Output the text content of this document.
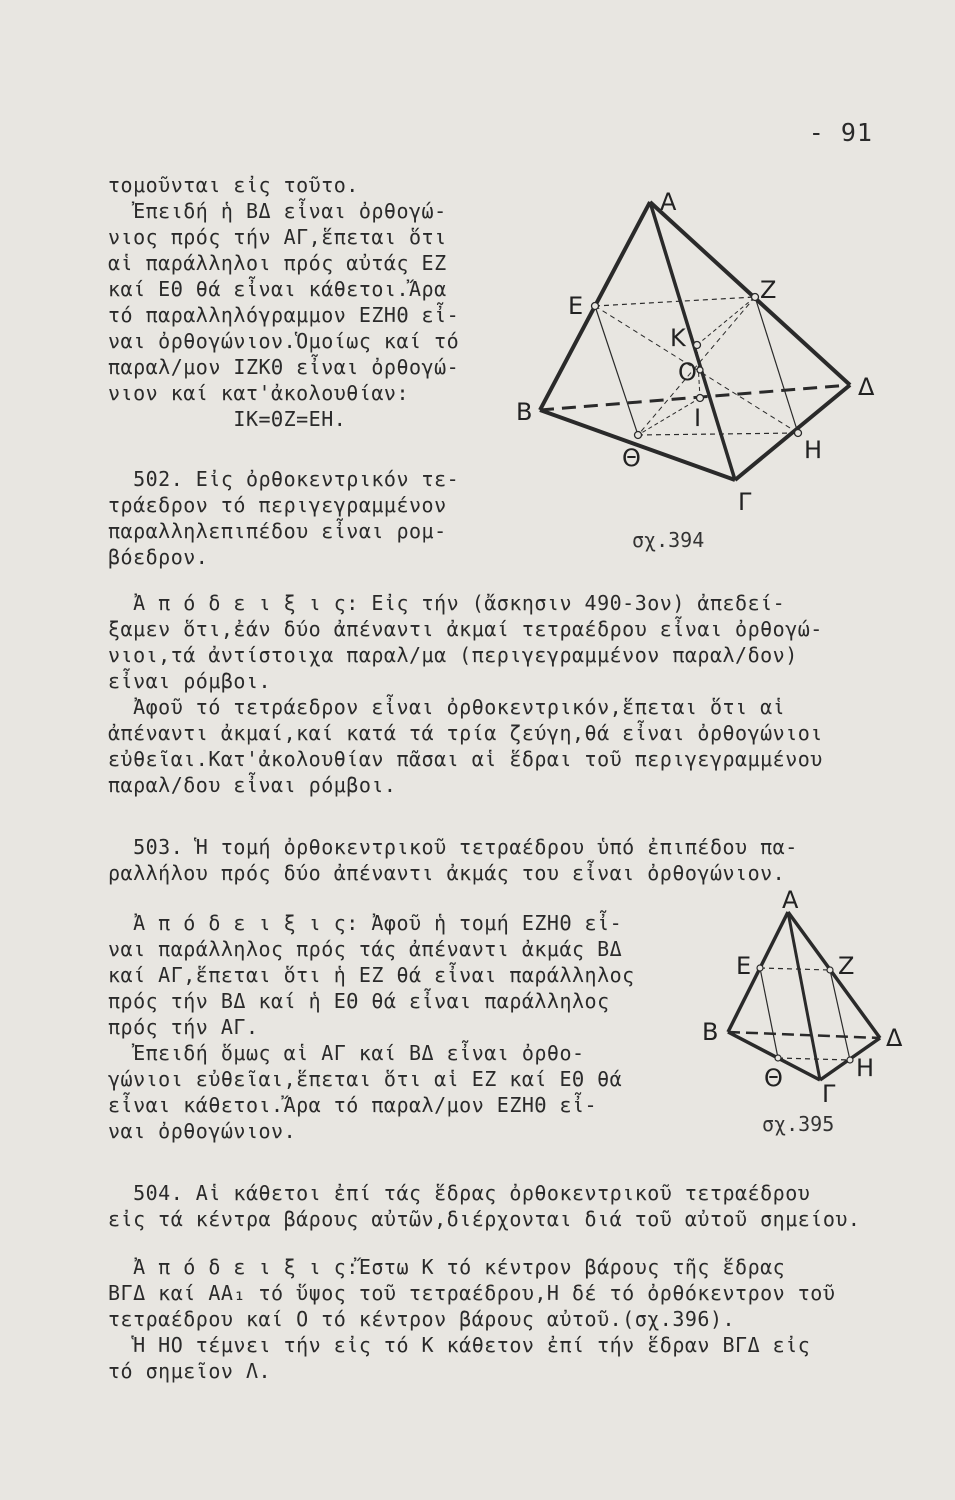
- 91
τομοῦνται εἰς τοῦτο.
Ἐπειδή ἡ ΒΔ εἶναι ὀρθογώ-
νιος πρός τήν ΑΓ,ἕπεται ὅτι
αἱ παράλληλοι πρός αὐτάς ΕΖ
καί ΕΘ θά εἶναι κάθετοι.Ἄρα
τό παραλληλόγραμμον ΕΖΗΘ εἶ-
ναι ὀρθογώνιον.Ὁμοίως καί τό
παραλ/μον ΙΖΚΘ εἶναι ὀρθογώ-
νιον καί κατ'ἀκολουθίαν:
ΙΚ=ΘΖ=ΕΗ.
502. Εἰς ὀρθοκεντρικόν τε-
τράεδρον τό περιγεγραμμένον
παραλληλεπιπέδου εἶναι ρομ-
βόεδρον.
Α
Ε
Ζ
Κ
Ο
Β
Δ
Ι
Θ	Η
Γ
σχ.394
Ἀ π ό δ ε ι ξ ι ς: Εἰς τήν (ἄσκησιν 490-3ον) ἀπεδεί-
ξαμεν ὅτι,ἐάν δύο ἀπέναντι ἀκμαί τετραέδρου εἶναι ὀρθογώ-
νιοι,τά ἀντίστοιχα παραλ/μα (περιγεγραμμένον παραλ/δον)
εἶναι ρόμβοι.
Ἀφοῦ τό τετράεδρον εἶναι ὀρθοκεντρικόν,ἕπεται ὅτι αἱ
ἀπέναντι ἀκμαί,καί κατά τά τρία ζεύγη,θά εἶναι ὀρθογώνιοι
εὐθεῖαι.Κατ'ἀκολουθίαν πᾶσαι αἱ ἕδραι τοῦ περιγεγραμμένου
παραλ/δου εἶναι ρόμβοι.
503. Ἡ τομή ὀρθοκεντρικοῦ τετραέδρου ὑπό ἐπιπέδου πα-
ραλλήλου πρός δύο ἀπέναντι ἀκμάς του εἶναι ὀρθογώνιον.
Ἀ π ό δ ε ι ξ ι ς: Ἀφοῦ ἡ τομή ΕΖΗΘ εἶ-
ναι παράλληλος πρός τάς ἀπέναντι ἀκμάς ΒΔ
καί ΑΓ,ἕπεται ὅτι ἡ ΕΖ θά εἶναι παράλληλος
πρός τήν ΒΔ καί ἡ ΕΘ θά εἶναι παράλληλος
πρός τήν ΑΓ.
Ἐπειδή ὅμως αἱ ΑΓ καί ΒΔ εἶναι ὀρθο-
γώνιοι εὐθεῖαι,ἕπεται ὅτι αἱ ΕΖ καί ΕΘ θά
εἶναι κάθετοι.Ἄρα τό παραλ/μον ΕΖΗΘ εἶ-
ναι ὀρθογώνιον.
Α
Ε	Ζ
Β	Δ
Θ	Η
Γ
σχ.395
504. Αἱ κάθετοι ἐπί τάς ἕδρας ὀρθοκεντρικοῦ τετραέδρου
εἰς τά κέντρα βάρους αὐτῶν,διέρχονται διά τοῦ αὐτοῦ σημείου.
Ἀ π ό δ ε ι ξ ι ς:Ἔστω Κ τό κέντρον βάρους τῆς ἕδρας
ΒΓΔ καί ΑΑ₁ τό ὕψος τοῦ τετραέδρου,Η δέ τό ὀρθόκεντρον τοῦ
τετραέδρου καί Ο τό κέντρον βάρους αὐτοῦ.(σχ.396).
Ἡ ΗΟ τέμνει τήν εἰς τό Κ κάθετον ἐπί τήν ἕδραν ΒΓΔ εἰς
τό σημεῖον Λ.
